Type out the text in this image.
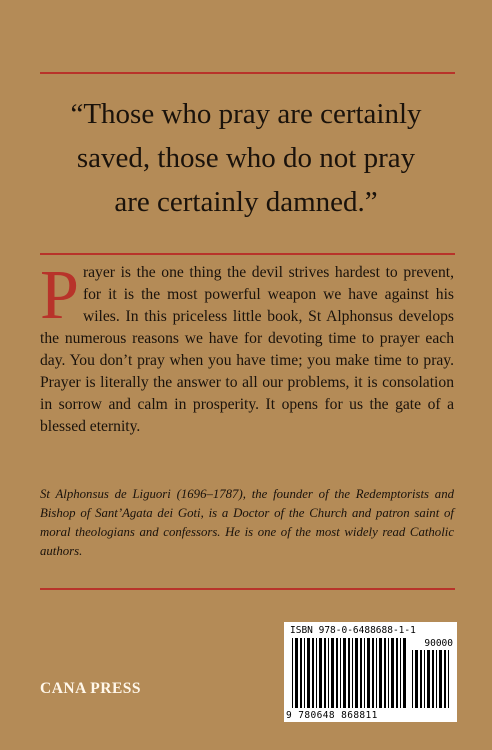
“Those who pray are certainly
saved, those who do not pray
are certainly damned.”

Prayer is the one thing the devil strives hardest to prevent, for it is the most powerful weapon we have against his wiles. In this priceless little book, St Alphonsus develops the numerous reasons we have for devoting time to prayer each day. You don’t pray when you have time; you make time to pray. Prayer is literally the answer to all our problems, it is consolation in sorrow and calm in prosperity. It opens for us the gate of a blessed eternity.

St Alphonsus de Liguori (1696–1787), the founder of the Redemptorists and Bishop of Sant’Agata dei Goti, is a Doctor of the Church and patron saint of moral theologians and confessors. He is one of the most widely read Catholic authors.

CANA PRESS
ISBN 978-0-6488688-1-1
90000
9 780648 868811
